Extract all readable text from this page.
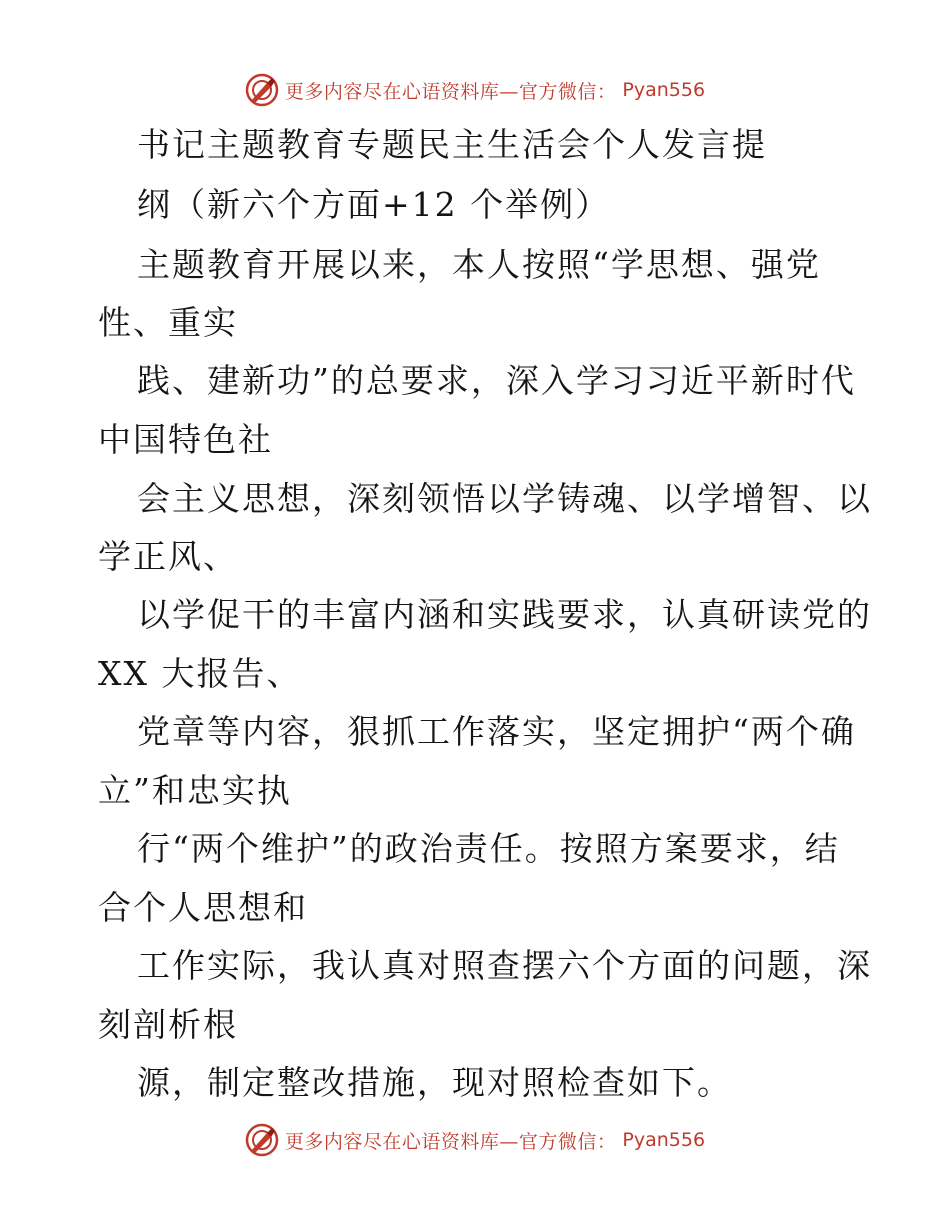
更多内容尽在心语资料库—官方微信： Pyan556
书记主题教育专题民主生活会个人发言提
纲（新六个方面+12 个举例）
主题教育开展以来，本人按照“学思想、强党
性、重实
践、建新功”的总要求，深入学习习近平新时代
中国特色社
会主义思想，深刻领悟以学铸魂、以学增智、以
学正风、
以学促干的丰富内涵和实践要求，认真研读党的
XX 大报告、
党章等内容，狠抓工作落实，坚定拥护“两个确
立”和忠实执
行“两个维护”的政治责任。按照方案要求，结
合个人思想和
工作实际，我认真对照查摆六个方面的问题，深
刻剖析根
源，制定整改措施，现对照检查如下。
更多内容尽在心语资料库—官方微信： Pyan556
